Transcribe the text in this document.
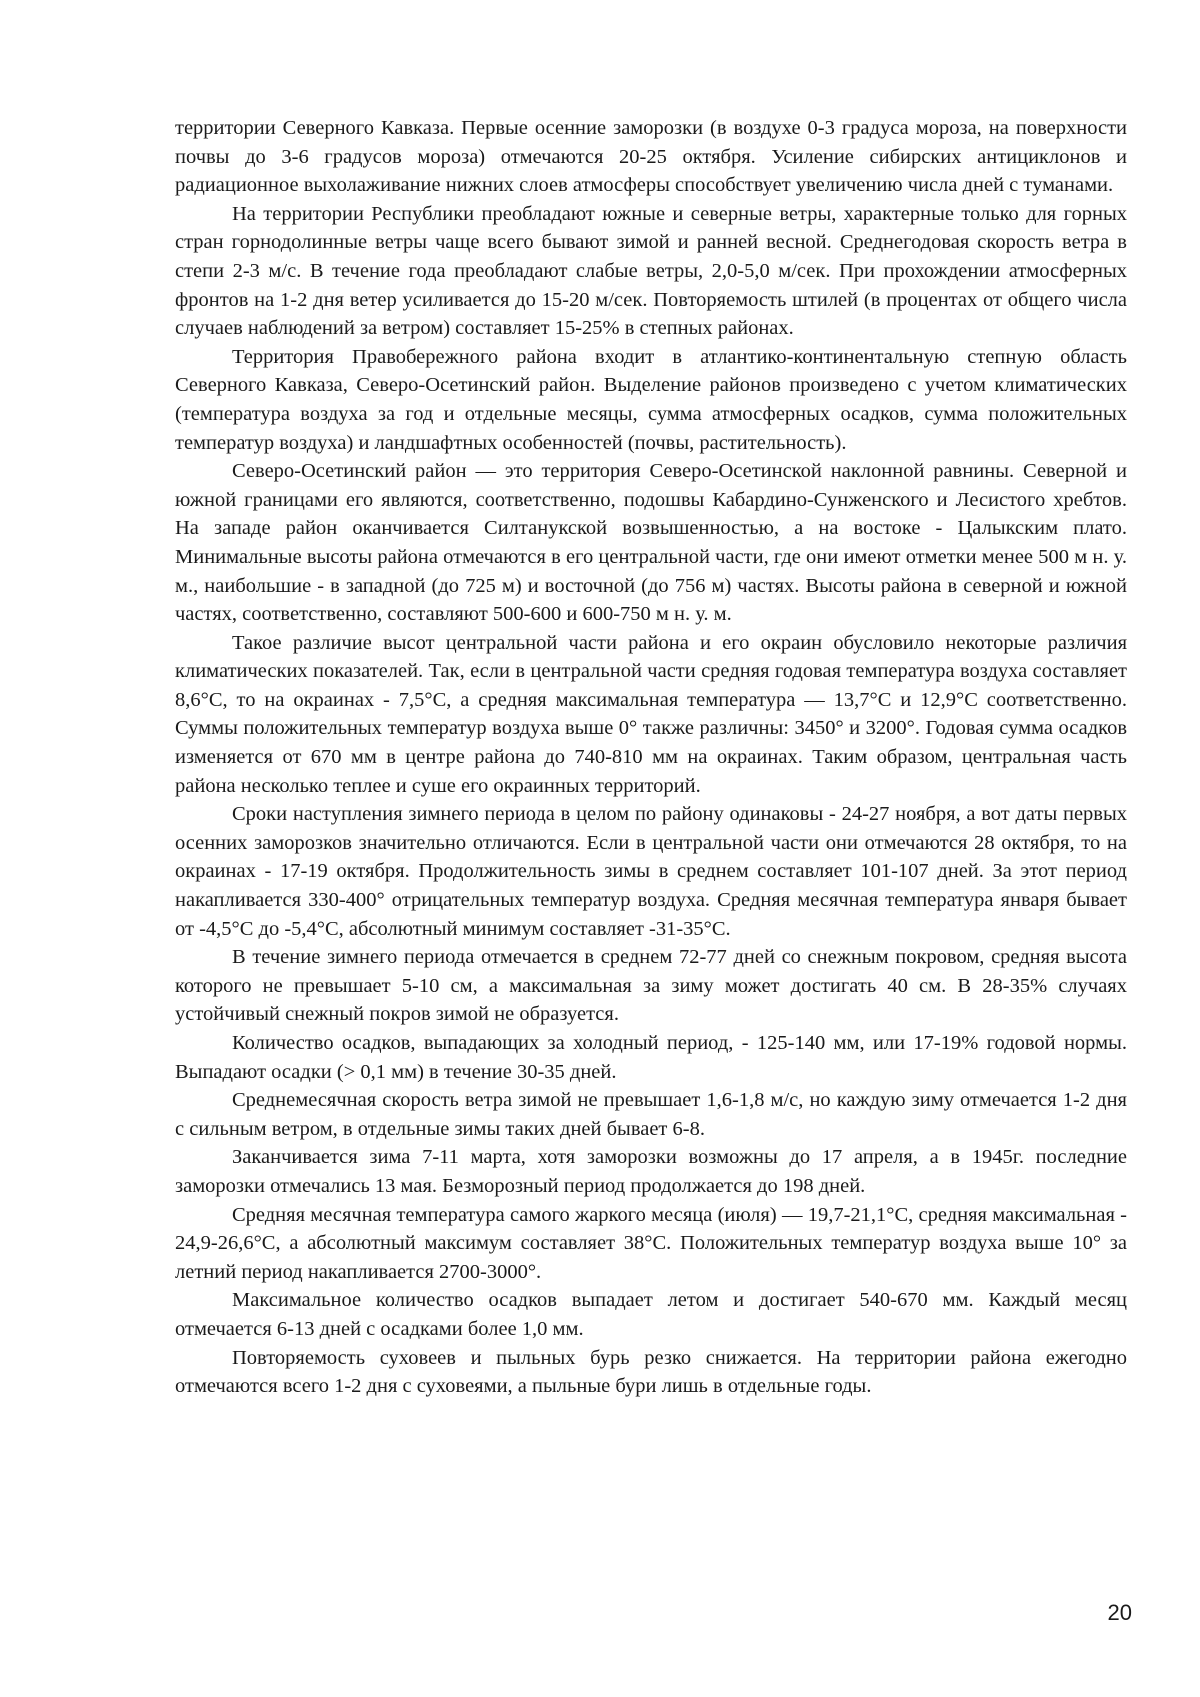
территории Северного Кавказа. Первые осенние заморозки (в воздухе 0-3 градуса мороза, на поверхности почвы до 3-6 градусов мороза) отмечаются 20-25 октября. Усиление сибирских антициклонов и радиационное выхолаживание нижних слоев атмосферы способствует увеличению числа дней с туманами.

На территории Республики преобладают южные и северные ветры, характерные только для горных стран горнодолинные ветры чаще всего бывают зимой и ранней весной. Среднегодовая скорость ветра в степи 2-3 м/с. В течение года преобладают слабые ветры, 2,0-5,0 м/сек. При прохождении атмосферных фронтов на 1-2 дня ветер усиливается до 15-20 м/сек. Повторяемость штилей (в процентах от общего числа случаев наблюдений за ветром) составляет 15-25% в степных районах.

Территория Правобережного района входит в атлантико-континентальную степную область Северного Кавказа, Северо-Осетинский район. Выделение районов произведено с учетом климатических (температура воздуха за год и отдельные месяцы, сумма атмосферных осадков, сумма положительных температур воздуха) и ландшафтных особенностей (почвы, растительность).

Северо-Осетинский район — это территория Северо-Осетинской наклонной равнины. Северной и южной границами его являются, соответственно, подошвы Кабардино-Сунженского и Лесистого хребтов. На западе район оканчивается Силтанукской возвышенностью, а на востоке - Цалыкским плато. Минимальные высоты района отмечаются в его центральной части, где они имеют отметки менее 500 м н. у. м., наибольшие - в западной (до 725 м) и восточной (до 756 м) частях. Высоты района в северной и южной частях, соответственно, составляют 500-600 и 600-750 м н. у. м.

Такое различие высот центральной части района и его окраин обусловило некоторые различия климатических показателей. Так, если в центральной части средняя годовая температура воздуха составляет 8,6°С, то на окраинах - 7,5°С, а средняя максимальная температура — 13,7°С и 12,9°С соответственно. Суммы положительных температур воздуха выше 0° также различны: 3450° и 3200°. Годовая сумма осадков изменяется от 670 мм в центре района до 740-810 мм на окраинах. Таким образом, центральная часть района несколько теплее и суше его окраинных территорий.

Сроки наступления зимнего периода в целом по району одинаковы - 24-27 ноября, а вот даты первых осенних заморозков значительно отличаются. Если в центральной части они отмечаются 28 октября, то на окраинах - 17-19 октября. Продолжительность зимы в среднем составляет 101-107 дней. За этот период накапливается 330-400° отрицательных температур воздуха. Средняя месячная температура января бывает от -4,5°С до -5,4°С, абсолютный минимум составляет -31-35°С.

В течение зимнего периода отмечается в среднем 72-77 дней со снежным покровом, средняя высота которого не превышает 5-10 см, а максимальная за зиму может достигать 40 см. В 28-35% случаях устойчивый снежный покров зимой не образуется.

Количество осадков, выпадающих за холодный период, - 125-140 мм, или 17-19% годовой нормы. Выпадают осадки (> 0,1 мм) в течение 30-35 дней.

Среднемесячная скорость ветра зимой не превышает 1,6-1,8 м/с, но каждую зиму отмечается 1-2 дня с сильным ветром, в отдельные зимы таких дней бывает 6-8.

Заканчивается зима 7-11 марта, хотя заморозки возможны до 17 апреля, а в 1945г. последние заморозки отмечались 13 мая. Безморозный период продолжается до 198 дней.

Средняя месячная температура самого жаркого месяца (июля) — 19,7-21,1°С, средняя максимальная - 24,9-26,6°С, а абсолютный максимум составляет 38°С. Положительных температур воздуха выше 10° за летний период накапливается 2700-3000°.

Максимальное количество осадков выпадает летом и достигает 540-670 мм. Каждый месяц отмечается 6-13 дней с осадками более 1,0 мм.

Повторяемость суховеев и пыльных бурь резко снижается. На территории района ежегодно отмечаются всего 1-2 дня с суховеями, а пыльные бури лишь в отдельные годы.

20
